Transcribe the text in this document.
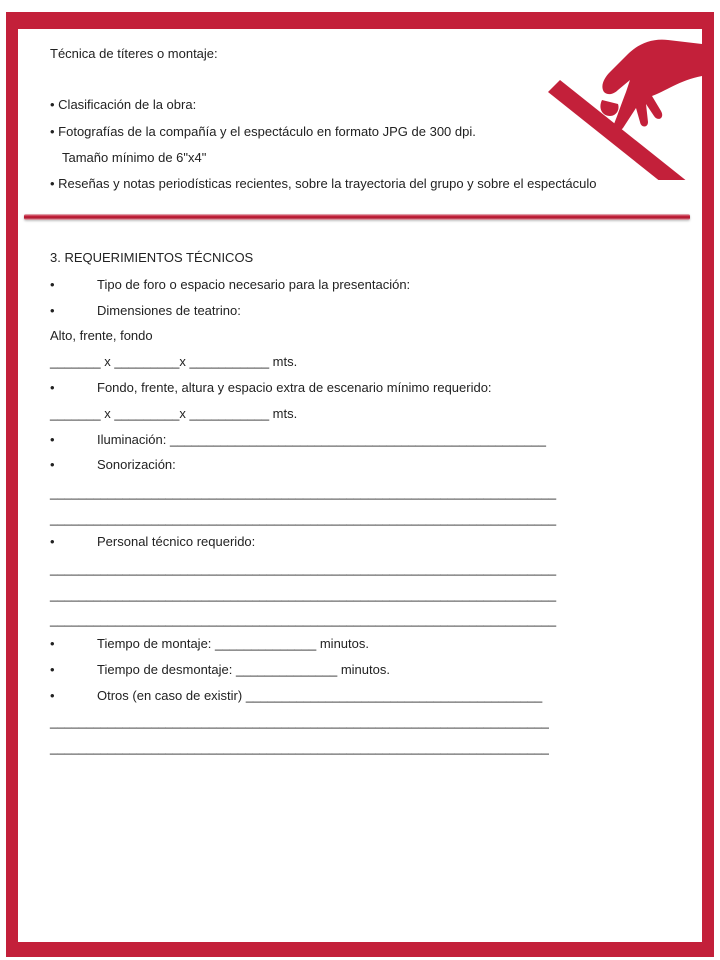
Técnica de títeres o montaje:
• Clasificación de la obra:
• Fotografías de la compañía y el espectáculo en formato JPG de 300 dpi.
Tamaño mínimo de 6"x4"
• Reseñas y notas periodísticas recientes, sobre la trayectoria del grupo y sobre el espectáculo
3. REQUERIMIENTOS TÉCNICOS
•	Tipo de foro o espacio necesario para la presentación:
•	Dimensiones de teatrino:
Alto, frente, fondo
_______ x _________x ___________ mts.
•	Fondo, frente, altura y espacio extra de escenario mínimo requerido:
_______ x _________x ___________ mts.
•	Iluminación: ____________________________________________________
•	Sonorización:
______________________________________________________________________
______________________________________________________________________
•	Personal técnico requerido:
______________________________________________________________________
______________________________________________________________________
______________________________________________________________________
•	Tiempo de montaje: ______________ minutos.
•	Tiempo de desmontaje: ______________ minutos.
•	Otros (en caso de existir) _________________________________________
_____________________________________________________________________
_____________________________________________________________________
